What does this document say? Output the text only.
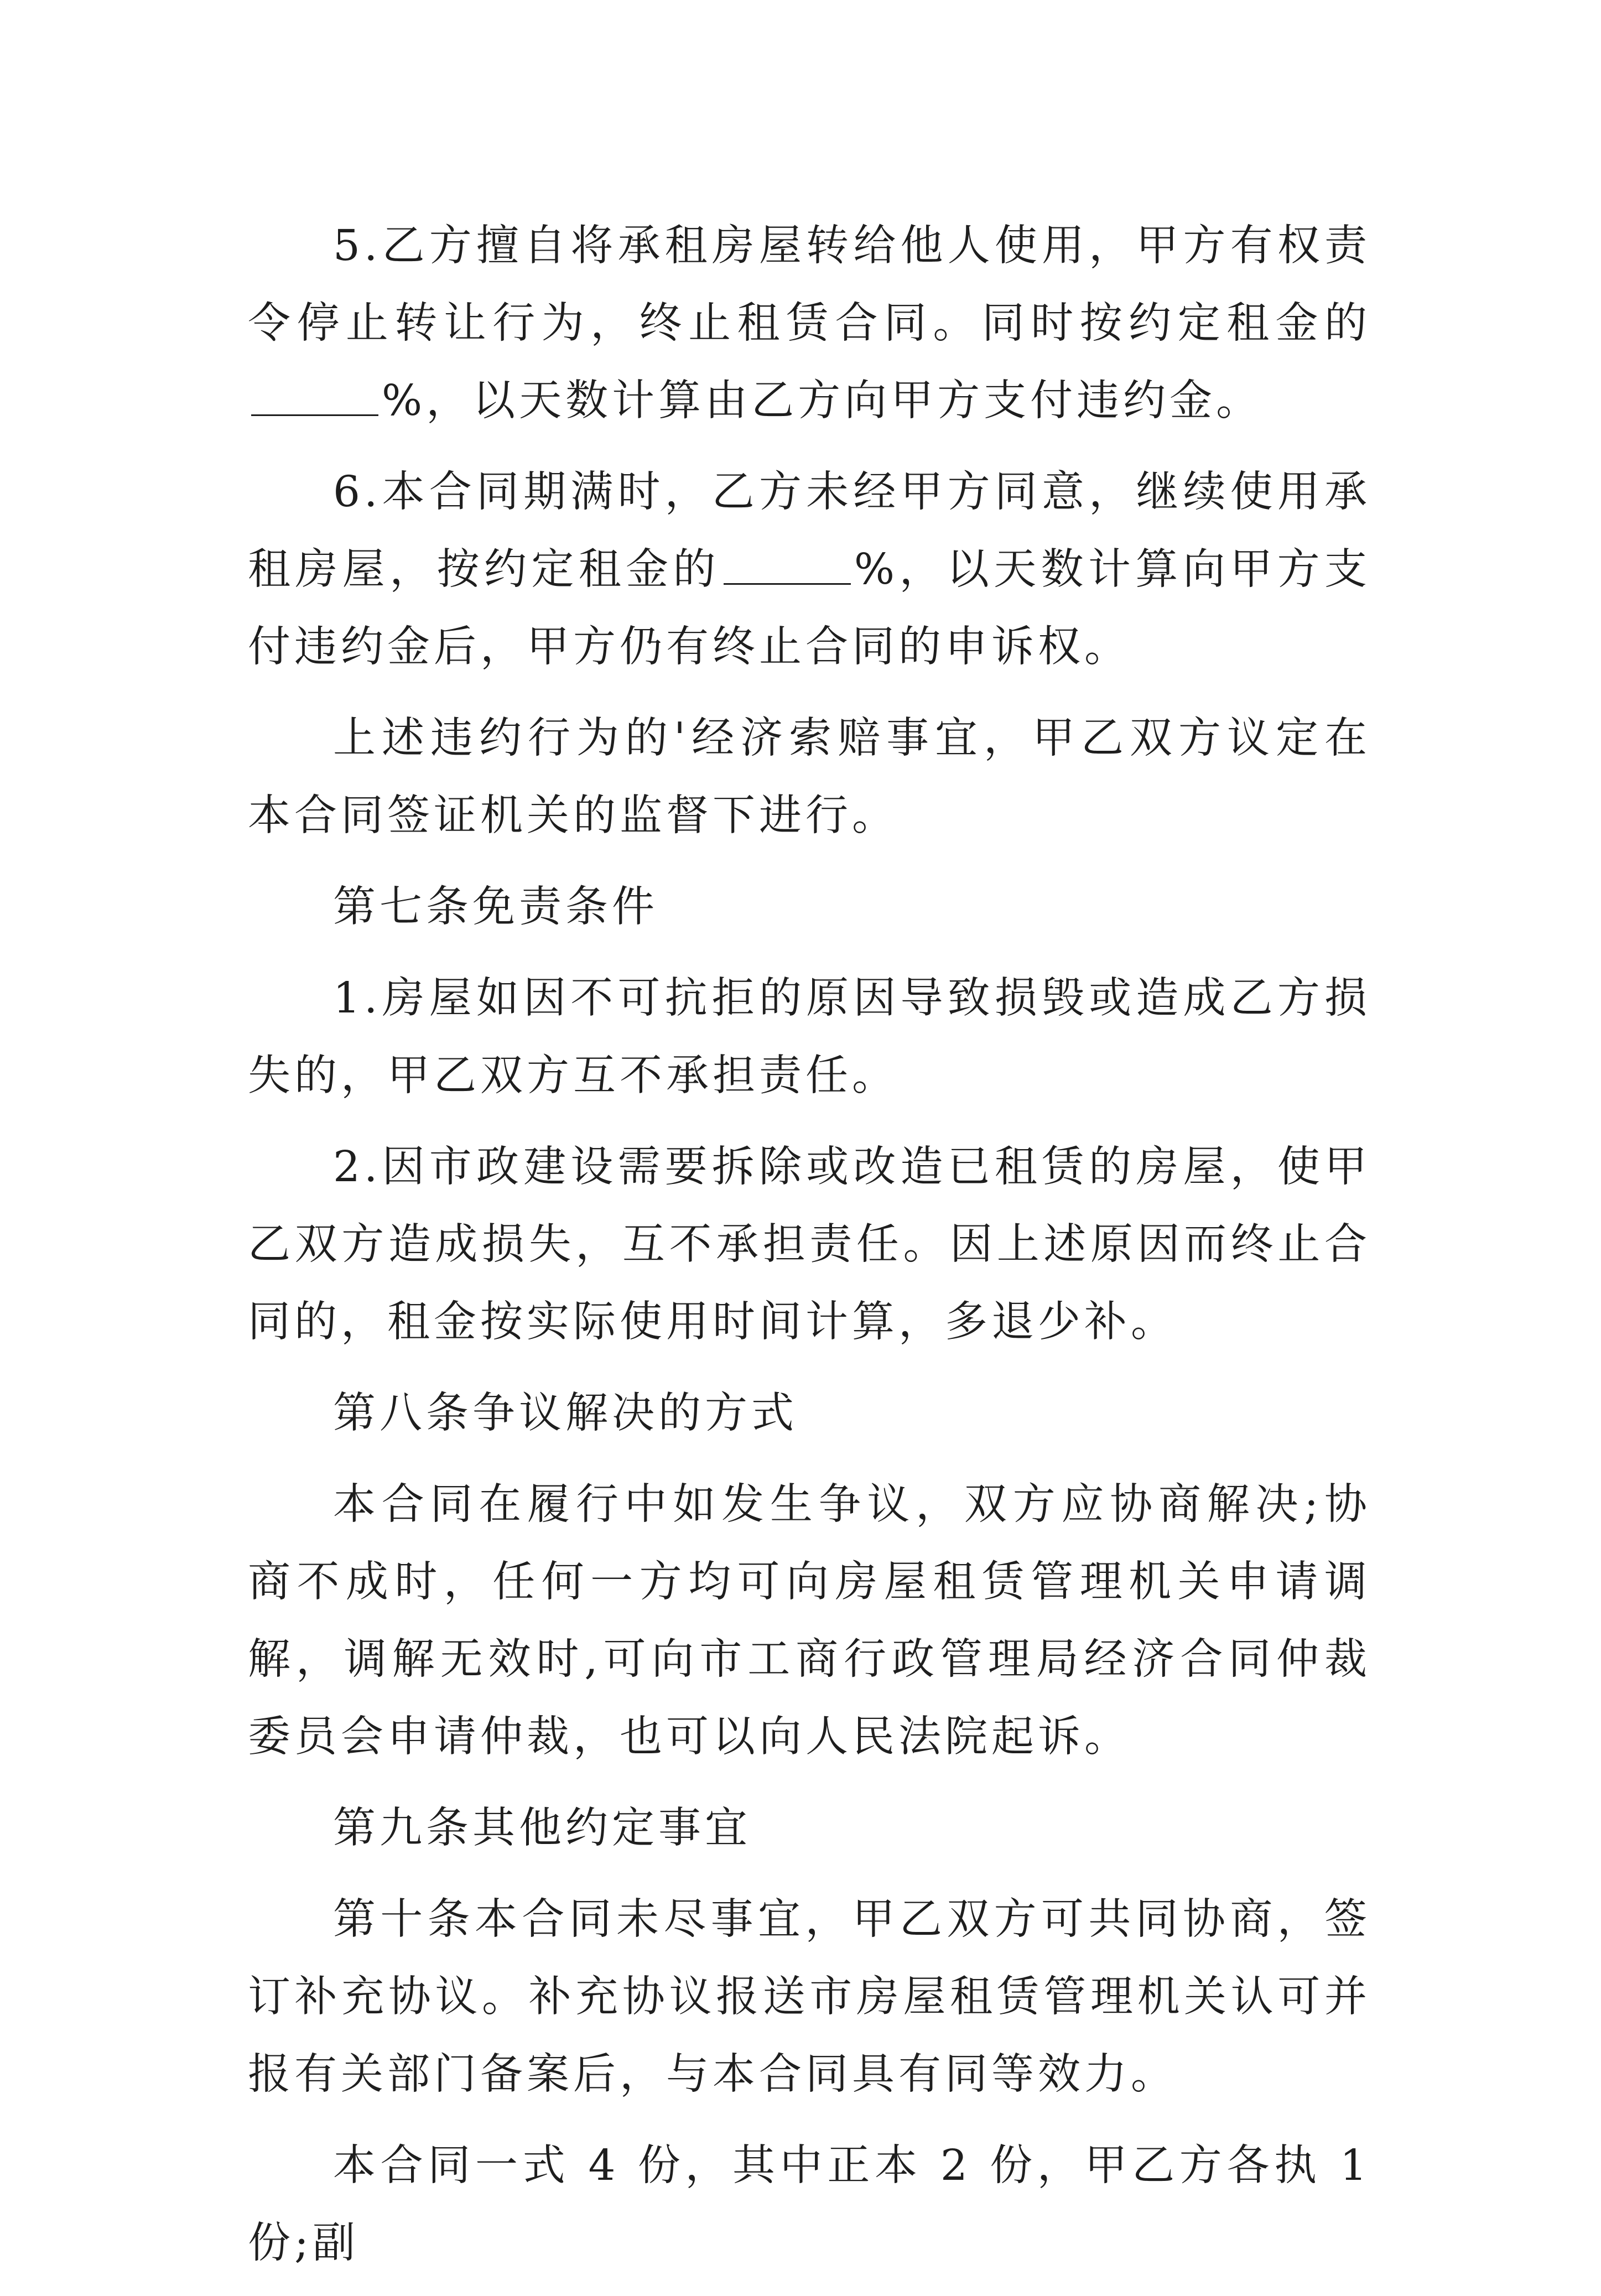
5.乙方擅自将承租房屋转给他人使用，甲方有权责令停止转让行为，终止租赁合同。同时按约定租金的%，以天数计算由乙方向甲方支付违约金。

6.本合同期满时，乙方未经甲方同意，继续使用承租房屋，按约定租金的	%，以天数计算向甲方支付违约金后，甲方仍有终止合同的申诉权。

上述违约行为的'经济索赔事宜，甲乙双方议定在本合同签证机关的监督下进行。

第七条免责条件

1.房屋如因不可抗拒的原因导致损毁或造成乙方损失的，甲乙双方互不承担责任。

2.因市政建设需要拆除或改造已租赁的房屋，使甲乙双方造成损失，互不承担责任。因上述原因而终止合同的，租金按实际使用时间计算，多退少补。

第八条争议解决的方式

本合同在履行中如发生争议，双方应协商解决;协商不成时，任何一方均可向房屋租赁管理机关申请调解，调解无效时,可向市工商行政管理局经济合同仲裁委员会申请仲裁，也可以向人民法院起诉。

第九条其他约定事宜

第十条本合同未尽事宜，甲乙双方可共同协商，签订补充协议。补充协议报送市房屋租赁管理机关认可并报有关部门备案后，与本合同具有同等效力。

本合同一式 4 份，其中正本 2 份，甲乙方各执 1 份;副
